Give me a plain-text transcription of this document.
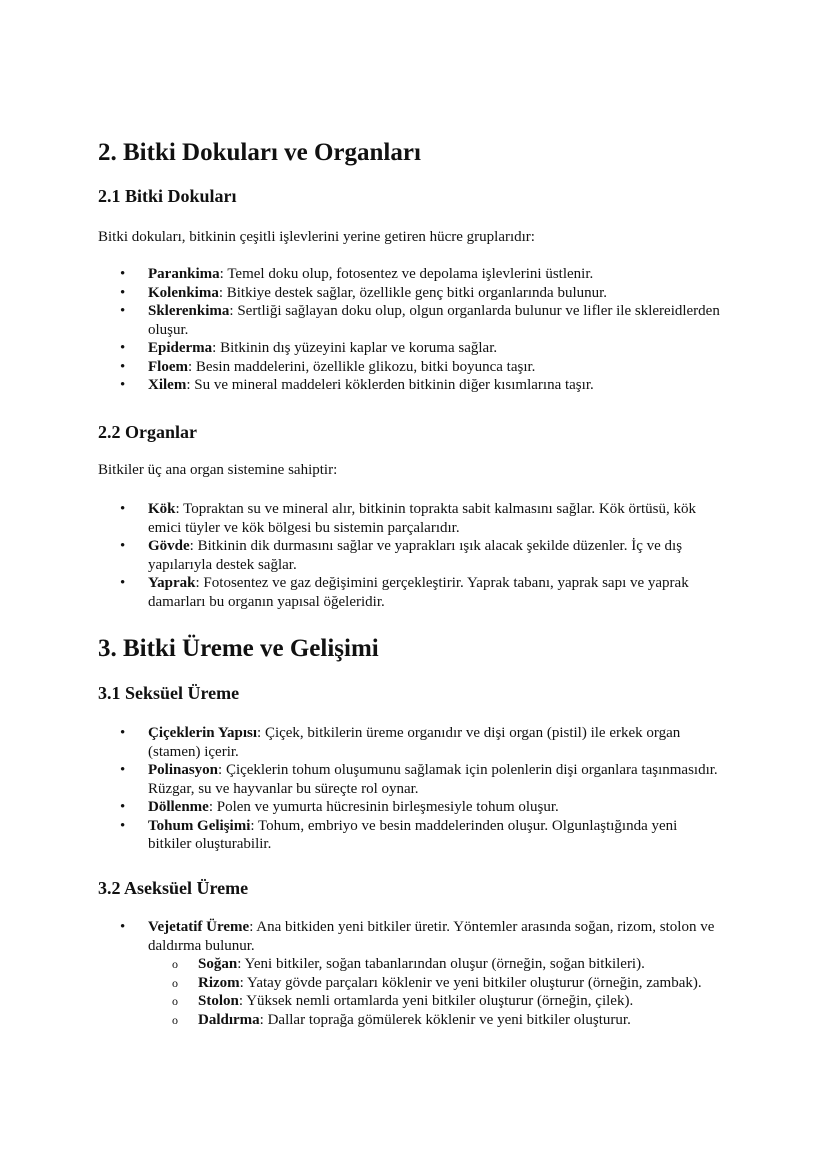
2. Bitki Dokuları ve Organları
2.1 Bitki Dokuları

Bitki dokuları, bitkinin çeşitli işlevlerini yerine getiren hücre gruplarıdır:

• Parankima: Temel doku olup, fotosentez ve depolama işlevlerini üstlenir.
• Kolenkima: Bitkiye destek sağlar, özellikle genç bitki organlarında bulunur.
• Sklerenkima: Sertliği sağlayan doku olup, olgun organlarda bulunur ve lifler ile sklereidlerden oluşur.
• Epiderma: Bitkinin dış yüzeyini kaplar ve koruma sağlar.
• Floem: Besin maddelerini, özellikle glikozu, bitki boyunca taşır.
• Xilem: Su ve mineral maddeleri köklerden bitkinin diğer kısımlarına taşır.
2.2 Organlar

Bitkiler üç ana organ sistemine sahiptir:

• Kök: Topraktan su ve mineral alır, bitkinin toprakta sabit kalmasını sağlar. Kök örtüsü, kök emici tüyler ve kök bölgesi bu sistemin parçalarıdır.
• Gövde: Bitkinin dik durmasını sağlar ve yaprakları ışık alacak şekilde düzenler. İç ve dış yapılarıyla destek sağlar.
• Yaprak: Fotosentez ve gaz değişimini gerçekleştirir. Yaprak tabanı, yaprak sapı ve yaprak damarları bu organın yapısal öğeleridir.
3. Bitki Üreme ve Gelişimi
3.1 Seksüel Üreme
• Çiçeklerin Yapısı: Çiçek, bitkilerin üreme organıdır ve dişi organ (pistil) ile erkek organ (stamen) içerir.
• Polinasyon: Çiçeklerin tohum oluşumunu sağlamak için polenlerin dişi organlara taşınmasıdır. Rüzgar, su ve hayvanlar bu süreçte rol oynar.
• Döllenme: Polen ve yumurta hücresinin birleşmesiyle tohum oluşur.
• Tohum Gelişimi: Tohum, embriyo ve besin maddelerinden oluşur. Olgunlaştığında yeni bitkiler oluşturabilir.
3.2 Aseksüel Üreme
• Vejetatif Üreme: Ana bitkiden yeni bitkiler üretir. Yöntemler arasında soğan, rizom, stolon ve daldırma bulunur.
o Soğan: Yeni bitkiler, soğan tabanlarından oluşur (örneğin, soğan bitkileri).
o Rizom: Yatay gövde parçaları köklenir ve yeni bitkiler oluşturur (örneğin, zambak).
o Stolon: Yüksek nemli ortamlarda yeni bitkiler oluşturur (örneğin, çilek).
o Daldırma: Dallar toprağa gömülerek köklenir ve yeni bitkiler oluşturur.
